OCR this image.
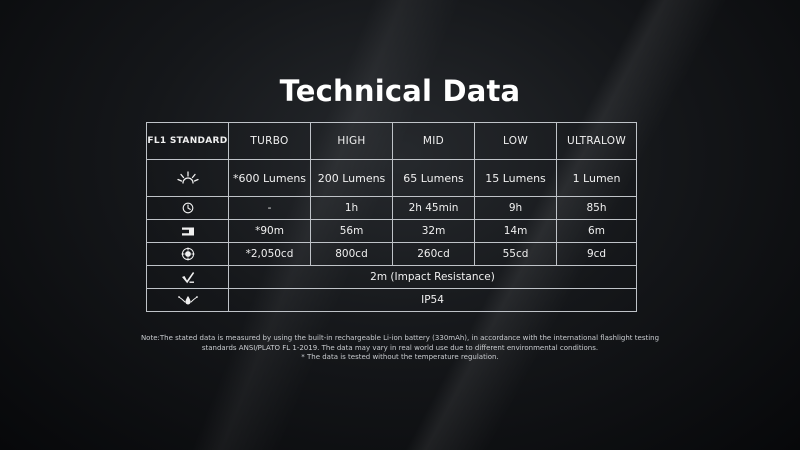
Technical Data
FL1 STANDARD	TURBO	HIGH	MID	LOW	ULTRALOW

	*600 Lumens	200 Lumens	65 Lumens	15 Lumens	1 Lumen

	-	1h	2h 45min	9h	85h

	*90m	56m	32m	14m	6m

	*2,050cd	800cd	260cd	55cd	9cd

	2m (Impact Resistance)				

	IP54				
Note:The stated data is measured by using the built-in rechargeable Li-ion battery (330mAh), in accordance with the international flashlight testing
standards ANSI/PLATO FL 1-2019. The data may vary in real world use due to different environmental conditions.
* The data is tested without the temperature regulation.
